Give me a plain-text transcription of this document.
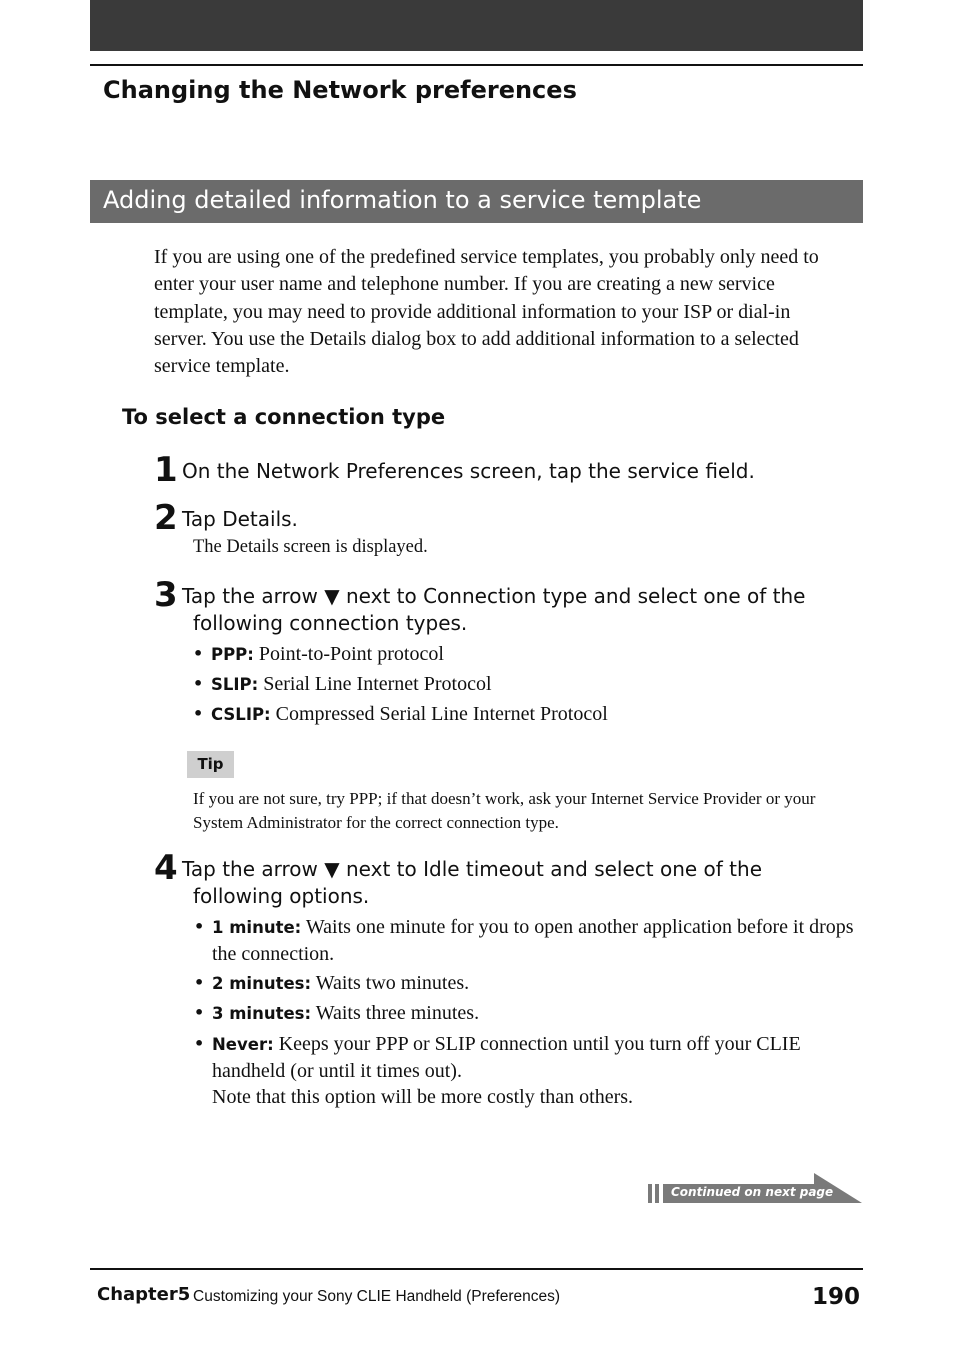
Changing the Network preferences
Adding detailed information to a service template

If you are using one of the predefined service templates, you probably only need to enter your user name and telephone number. If you are creating a new service template, you may need to provide additional information to your ISP or dial-in server. You use the Details dialog box to add additional information to a selected service template.

To select a connection type
1 On the Network Preferences screen, tap the service field.

2 Tap Details.

The Details screen is displayed.

3 Tap the arrow ▼ next to Connection type and select one of the
following connection types.

• PPP: Point-to-Point protocol
• SLIP: Serial Line Internet Protocol
• CSLIP: Compressed Serial Line Internet Protocol
Tip

If you are not sure, try PPP; if that doesn’t work, ask your Internet Service Provider or your System Administrator for the correct connection type.

4 Tap the arrow ▼ next to Idle timeout and select one of the
following options.

• 1 minute: Waits one minute for you to open another application before it drops the connection.
• 2 minutes: Waits two minutes.
• 3 minutes: Waits three minutes.
• Never: Keeps your PPP or SLIP connection until you turn off your CLIE handheld (or until it times out).
Note that this option will be more costly than others.
Continued on next page
Chapter5 Customizing your Sony CLIE Handheld (Preferences)	190
